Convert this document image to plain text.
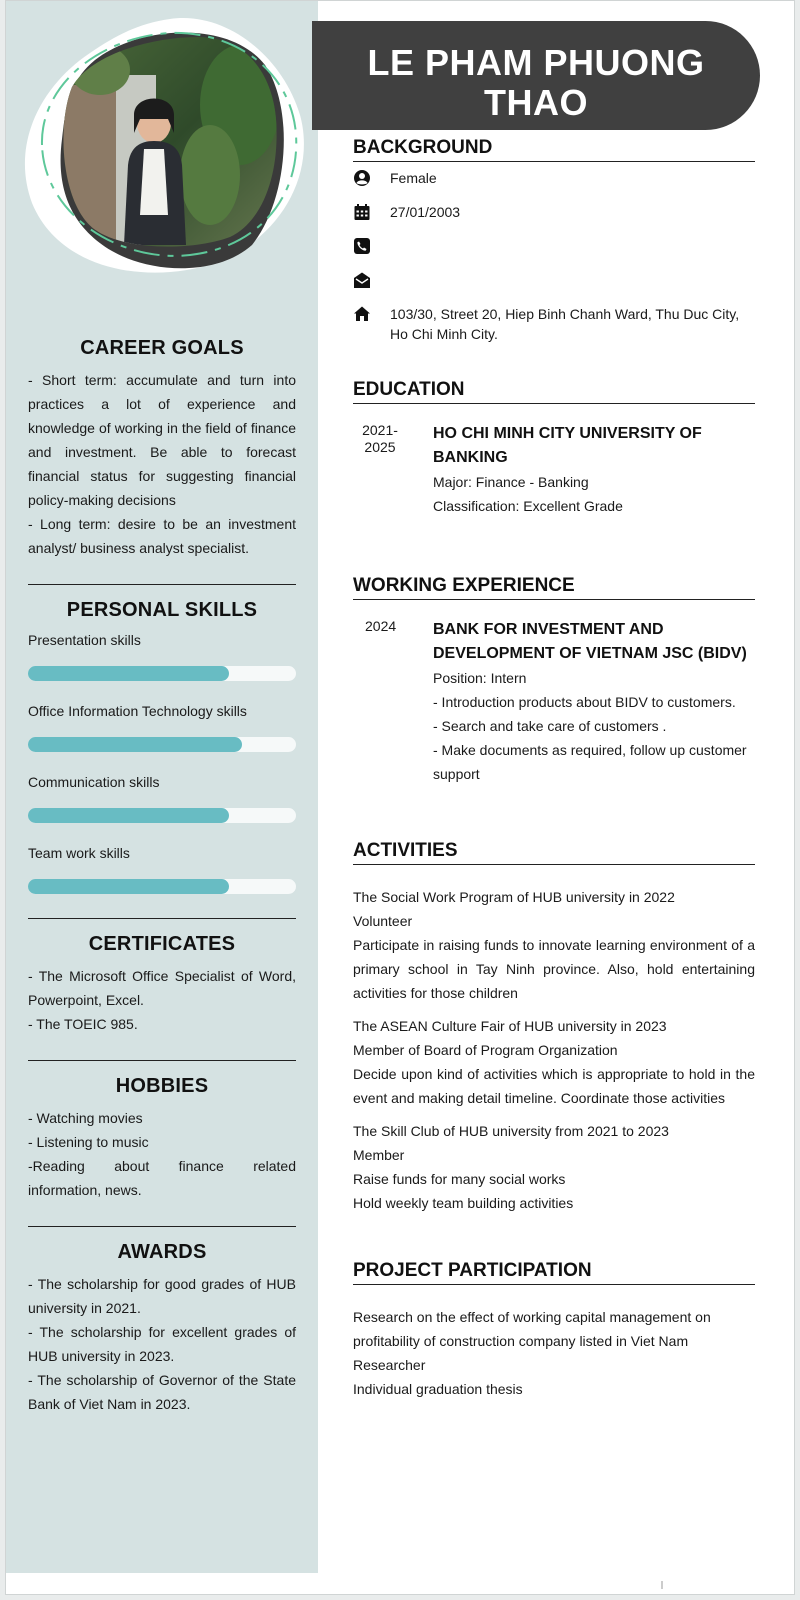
CAREER GOALS

- Short term: accumulate and turn into practices a lot of experience and knowledge of working in the field of finance and investment. Be able to forecast financial status for suggesting financial policy-making decisions

- Long term: desire to be an investment analyst/ business analyst specialist.

PERSONAL SKILLS
Presentation skills
Office Information Technology skills
Communication skills
Team work skills
CERTIFICATES

- The Microsoft Office Specialist of Word, Powerpoint, Excel.

- The TOEIC 985.

HOBBIES

- Watching movies

- Listening to music

-Reading about finance related information, news.

AWARDS

- The scholarship for good grades of HUB university in 2021.

- The scholarship for excellent grades of HUB university in 2023.

- The scholarship of Governor of the State Bank of Viet Nam in 2023.

LE PHAM PHUONG THAO
Intern
BACKGROUND
Female
27/01/2003
103/30, Street 20, Hiep Binh Chanh Ward, Thu Duc City, Ho Chi Minh City.
EDUCATION
2021- 2025
HO CHI MINH CITY UNIVERSITY OF BANKING
Major: Finance - Banking
Classification: Excellent Grade
WORKING EXPERIENCE
2024	BANK FOR INVESTMENT AND DEVELOPMENT OF VIETNAM JSC (BIDV)
Position: Intern
- Introduction products about BIDV to customers.
- Search and take care of customers .
- Make documents as required, follow up customer support
ACTIVITIES
The Social Work Program of HUB university in 2022
Volunteer
Participate in raising funds to innovate learning environment of a primary school in Tay Ninh province. Also, hold entertaining activities for those children
The ASEAN Culture Fair of HUB university in 2023
Member of Board of Program Organization
Decide upon kind of activities which is appropriate to hold in the event and making detail timeline. Coordinate those activities
The Skill Club of HUB university from 2021 to 2023
Member
Raise funds for many social works
Hold weekly team building activities
PROJECT PARTICIPATION
Research on the effect of working capital management on profitability of construction company listed in Viet Nam
Researcher
Individual graduation thesis
